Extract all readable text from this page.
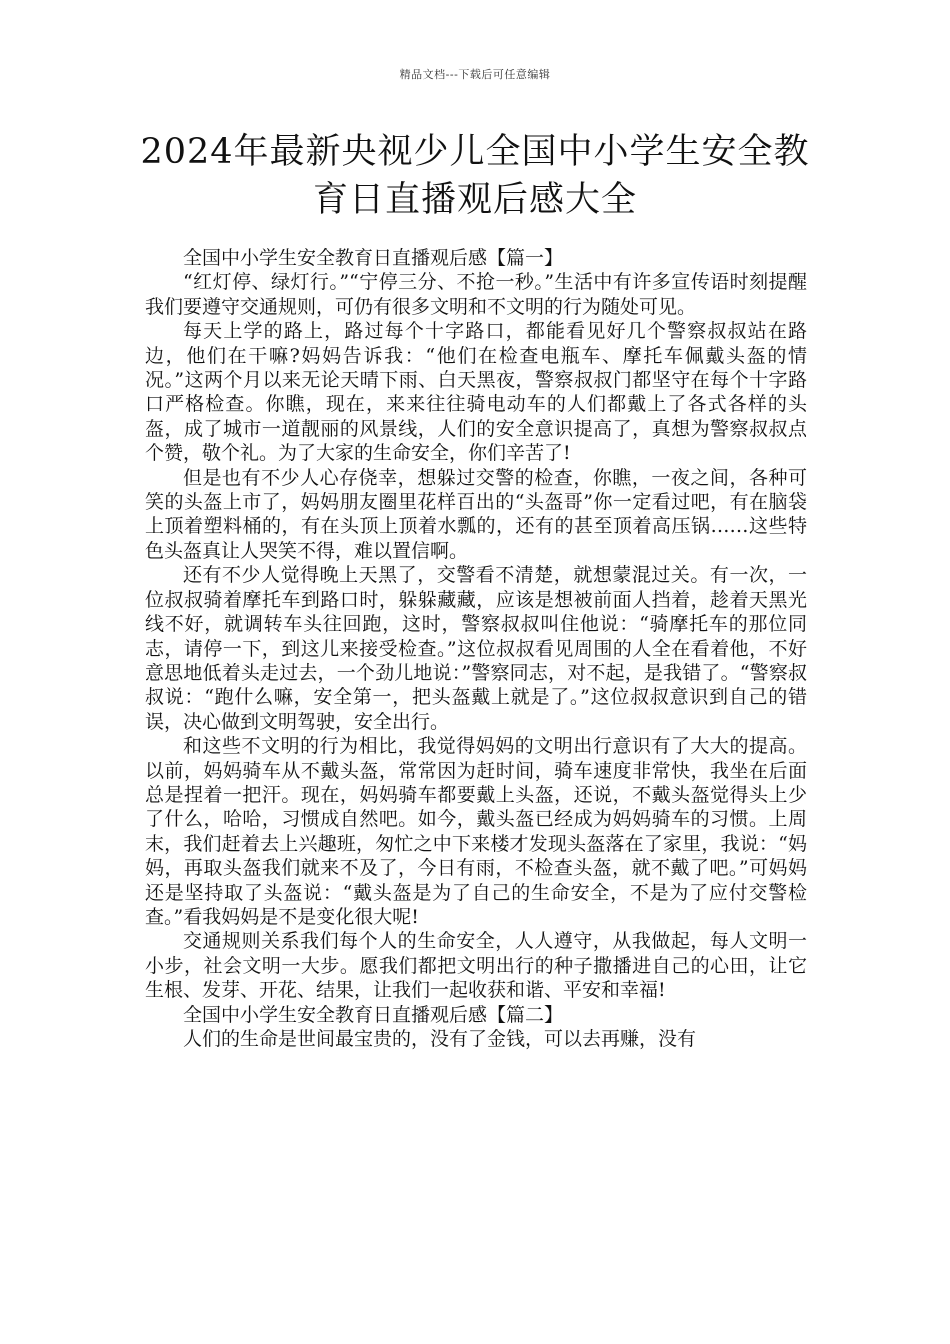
精品文档---下载后可任意编辑
2024年最新央视少儿全国中小学生安全教
育日直播观后感大全

全国中小学生安全教育日直播观后感【篇一】

“红灯停、绿灯行。”“宁停三分、不抢一秒。”生活中有许多宣传语时刻提醒我们要遵守交通规则，可仍有很多文明和不文明的行为随处可见。

每天上学的路上，路过每个十字路口，都能看见好几个警察叔叔站在路边，他们在干嘛?妈妈告诉我：“他们在检查电瓶车、摩托车佩戴头盔的情况。”这两个月以来无论天晴下雨、白天黑夜，警察叔叔门都坚守在每个十字路口严格检查。你瞧，现在，来来往往骑电动车的人们都戴上了各式各样的头盔，成了城市一道靓丽的风景线，人们的安全意识提高了，真想为警察叔叔点个赞，敬个礼。为了大家的生命安全，你们辛苦了!

但是也有不少人心存侥幸，想躲过交警的检查，你瞧，一夜之间，各种可笑的头盔上市了，妈妈朋友圈里花样百出的“头盔哥”你一定看过吧，有在脑袋上顶着塑料桶的，有在头顶上顶着水瓢的，还有的甚至顶着高压锅……这些特色头盔真让人哭笑不得，难以置信啊。

还有不少人觉得晚上天黑了，交警看不清楚，就想蒙混过关。有一次，一位叔叔骑着摩托车到路口时，躲躲藏藏，应该是想被前面人挡着，趁着天黑光线不好，就调转车头往回跑，这时，警察叔叔叫住他说：“骑摩托车的那位同志，请停一下，到这儿来接受检查。”这位叔叔看见周围的人全在看着他，不好意思地低着头走过去，一个劲儿地说：”警察同志，对不起，是我错了。“警察叔叔说：“跑什么嘛，安全第一，把头盔戴上就是了。”这位叔叔意识到自己的错误，决心做到文明驾驶，安全出行。

和这些不文明的行为相比，我觉得妈妈的文明出行意识有了大大的提高。以前，妈妈骑车从不戴头盔，常常因为赶时间，骑车速度非常快，我坐在后面总是捏着一把汗。现在，妈妈骑车都要戴上头盔，还说，不戴头盔觉得头上少了什么，哈哈，习惯成自然吧。如今，戴头盔已经成为妈妈骑车的习惯。上周末，我们赶着去上兴趣班，匆忙之中下来楼才发现头盔落在了家里，我说：“妈妈，再取头盔我们就来不及了，今日有雨，不检查头盔，就不戴了吧。”可妈妈还是坚持取了头盔说：“戴头盔是为了自己的生命安全，不是为了应付交警检查。”看我妈妈是不是变化很大呢!

交通规则关系我们每个人的生命安全，人人遵守，从我做起，每人文明一小步，社会文明一大步。愿我们都把文明出行的种子撒播进自己的心田，让它生根、发芽、开花、结果，让我们一起收获和谐、平安和幸福!

全国中小学生安全教育日直播观后感【篇二】

人们的生命是世间最宝贵的，没有了金钱，可以去再赚，没有
